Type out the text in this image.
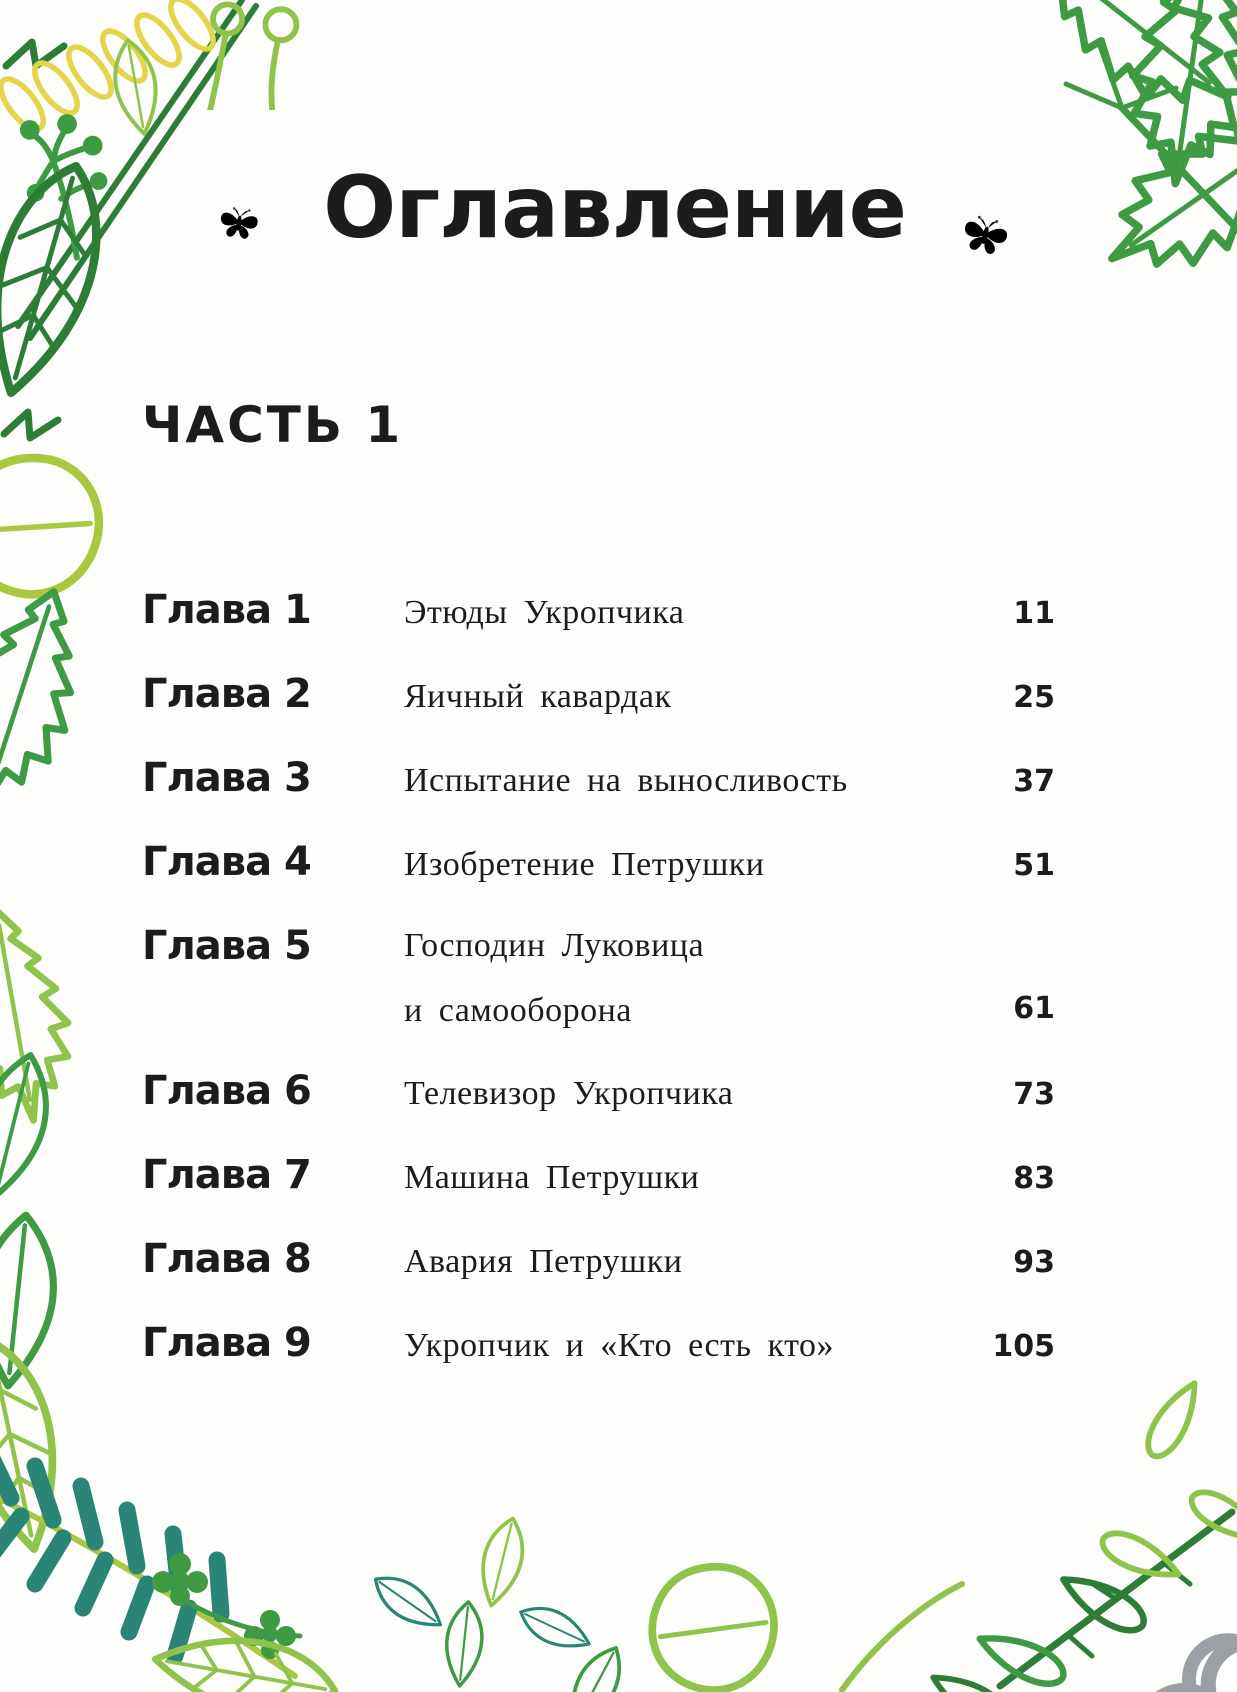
Оглавление
ЧАСТЬ 1
Глава 1	Этюды Укропчика	11
Глава 2	Яичный кавардак	25
Глава 3	Испытание на выносливость	37
Глава 4	Изобретение Петрушки	51
Глава 5	Господин Луковица
и самооборона	61
Глава 6	Телевизор Укропчика	73
Глава 7	Машина Петрушки	83
Глава 8	Авария Петрушки	93
Глава 9	Укропчик и «Кто есть кто»	105
